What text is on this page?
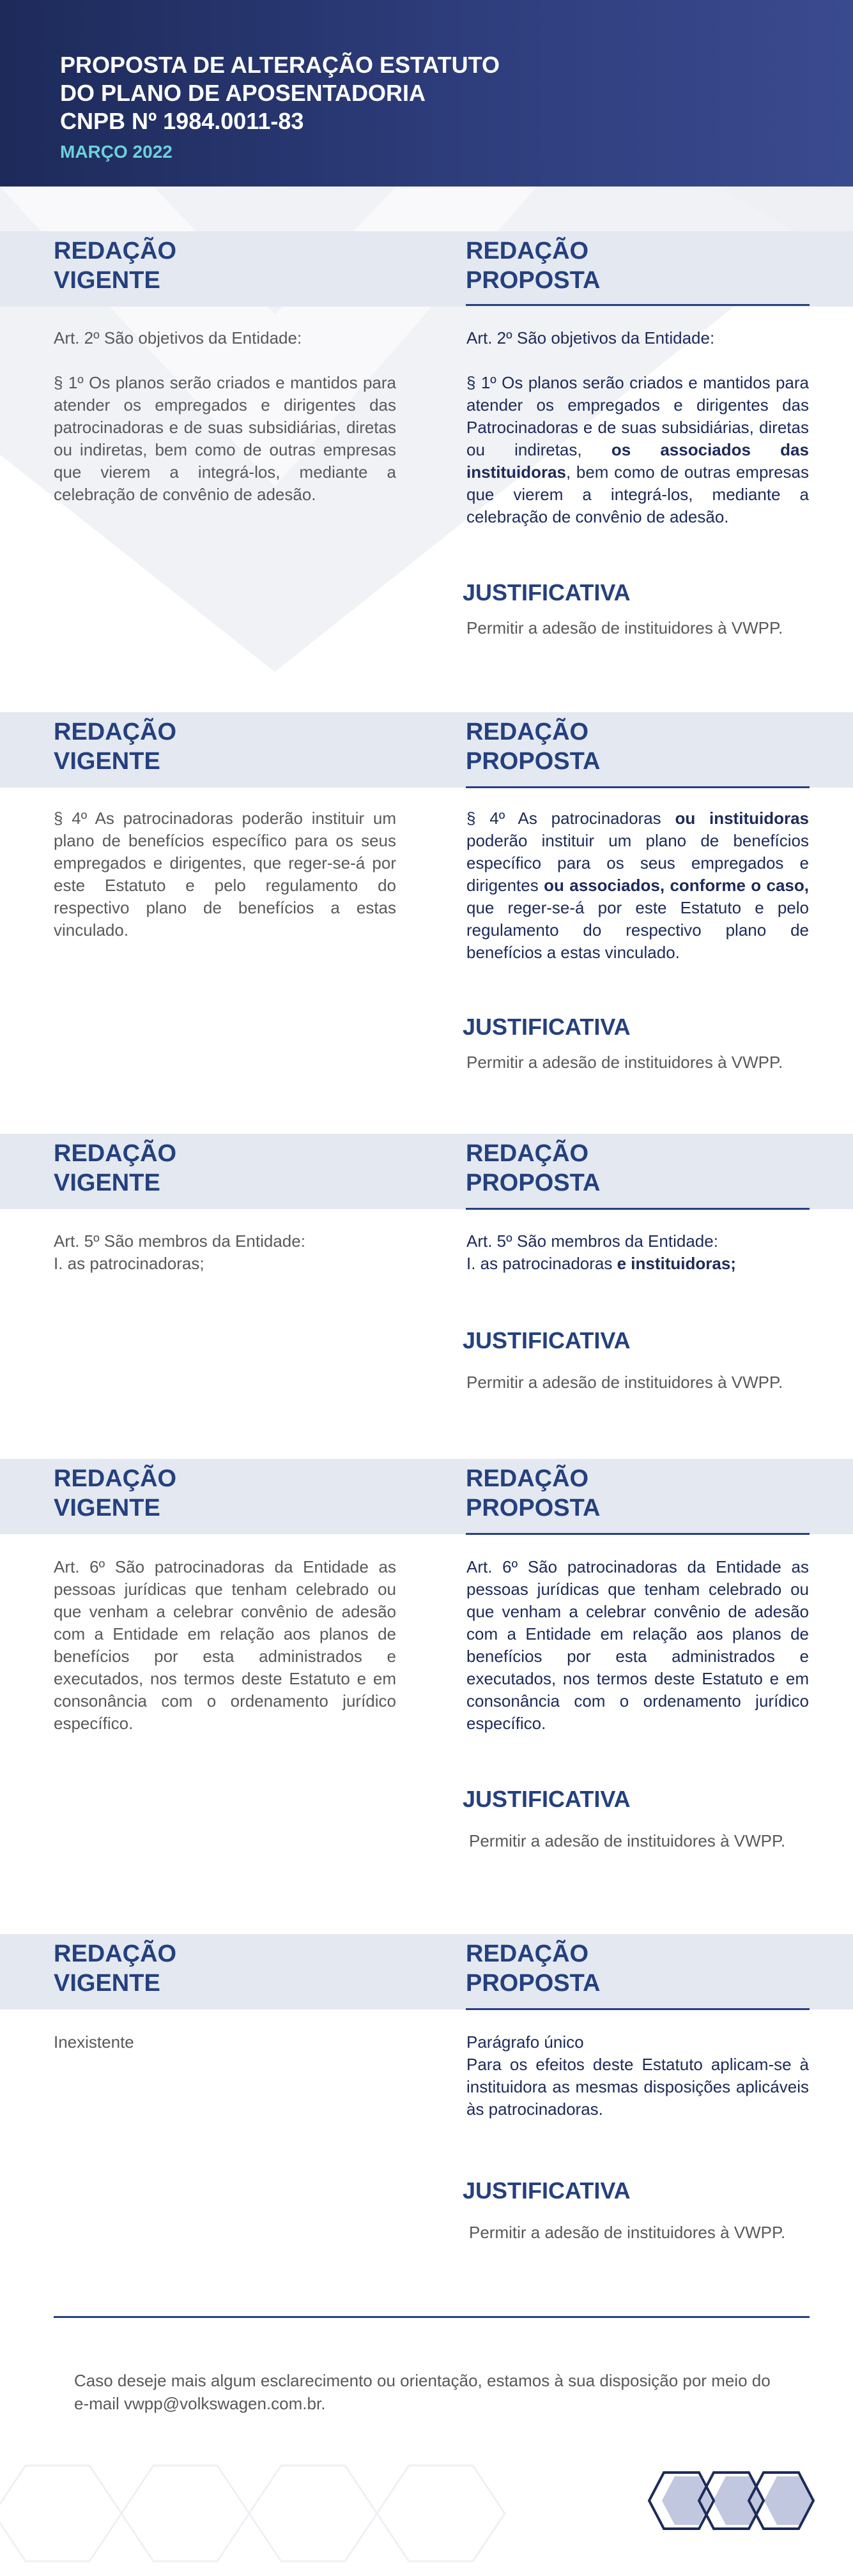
PROPOSTA DE ALTERAÇÃO ESTATUTO

DO PLANO DE APOSENTADORIA

CNPB Nº 1984.0011-83

MARÇO 2022

REDAÇÃO
VIGENTE

REDAÇÃO
PROPOSTA

Art. 2º São objetivos da Entidade:

§ 1º Os planos serão criados e mantidos para atender os empregados e dirigentes das patrocinadoras e de suas subsidiárias, diretas ou indiretas, bem como de outras empresas que vierem a integrá-los, mediante a celebração de convênio de adesão.

Art. 2º São objetivos da Entidade:

§ 1º Os planos serão criados e mantidos para atender os empregados e dirigentes das Patrocinadoras e de suas subsidiárias, diretas ou indiretas, os associados das instituidoras, bem como de outras empresas que vierem a integrá-los, mediante a celebração de convênio de adesão.

JUSTIFICATIVA

Permitir a adesão de instituidores à VWPP.

REDAÇÃO
VIGENTE

REDAÇÃO
PROPOSTA

§ 4º As patrocinadoras poderão instituir um plano de benefícios específico para os seus empregados e dirigentes, que reger-se-á por este Estatuto e pelo regulamento do respectivo plano de benefícios a estas vinculado.

§ 4º As patrocinadoras ou instituidoras poderão instituir um plano de benefícios específico para os seus empregados e dirigentes ou associados, conforme o caso, que reger-se-á por este Estatuto e pelo regulamento do respectivo plano de benefícios a estas vinculado.

JUSTIFICATIVA

Permitir a adesão de instituidores à VWPP.

REDAÇÃO
VIGENTE

REDAÇÃO
PROPOSTA

Art. 5º São membros da Entidade:
I. as patrocinadoras;

Art. 5º São membros da Entidade:
I. as patrocinadoras e instituidoras;

JUSTIFICATIVA

Permitir a adesão de instituidores à VWPP.

REDAÇÃO
VIGENTE

REDAÇÃO
PROPOSTA

Art. 6º São patrocinadoras da Entidade as pessoas jurídicas que tenham celebrado ou que venham a celebrar convênio de adesão com a Entidade em relação aos planos de benefícios por esta administrados e executados, nos termos deste Estatuto e em consonância com o ordenamento jurídico específico.

Art. 6º São patrocinadoras da Entidade as pessoas jurídicas que tenham celebrado ou que venham a celebrar convênio de adesão com a Entidade em relação aos planos de benefícios por esta administrados e executados, nos termos deste Estatuto e em consonância com o ordenamento jurídico específico.

JUSTIFICATIVA

Permitir a adesão de instituidores à VWPP.

REDAÇÃO
VIGENTE

REDAÇÃO
PROPOSTA

Inexistente	Parágrafo único
Para os efeitos deste Estatuto aplicam-se à instituidora as mesmas disposições aplicáveis às patrocinadoras.

JUSTIFICATIVA

Permitir a adesão de instituidores à VWPP.

Caso deseje mais algum esclarecimento ou orientação, estamos à sua disposição por meio do e-mail vwpp@volkswagen.com.br.
